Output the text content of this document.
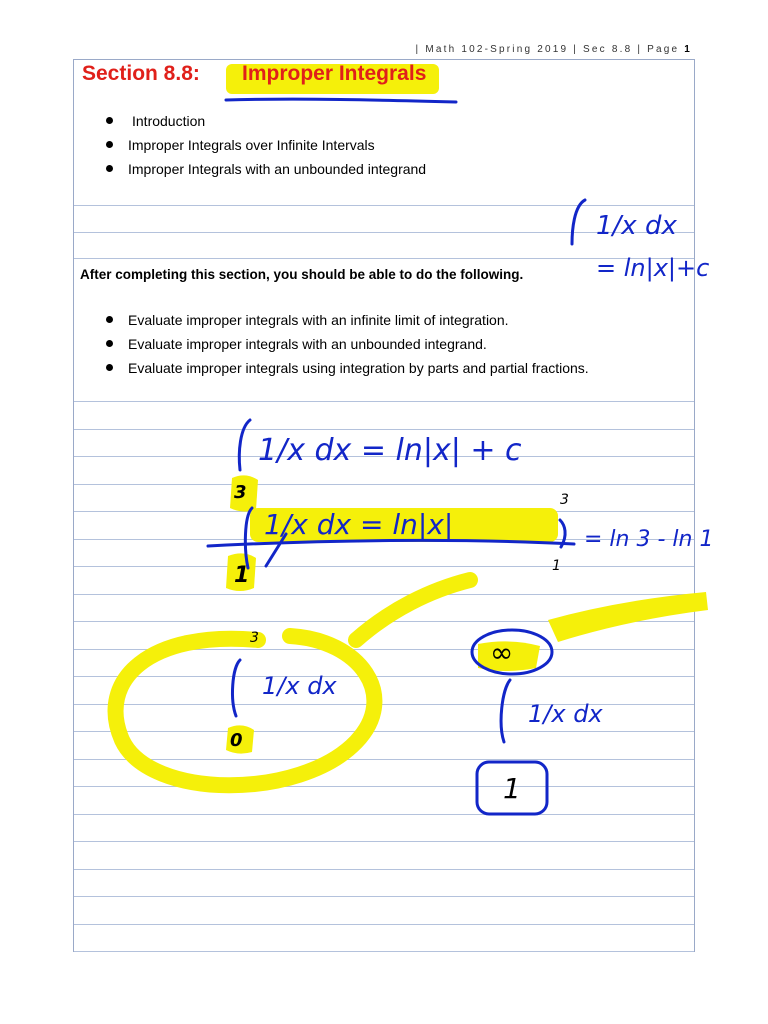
| Math 102-Spring 2019 | Sec 8.8 | Page 1
Section 8.8: Improper Integrals
Introduction
Improper Integrals over Infinite Intervals
Improper Integrals with an unbounded integrand
After completing this section, you should be able to do the following.
Evaluate improper integrals with an infinite limit of integration.
Evaluate improper integrals with an unbounded integrand.
Evaluate improper integrals using integration by parts and partial fractions.
1/x dx
= ln|x|+c
1/x dx = ln|x| + c
3
1/x dx = ln|x|
3
1
= ln 3 - ln 1
1
3
1/x dx
0
∞
1/x dx
1
